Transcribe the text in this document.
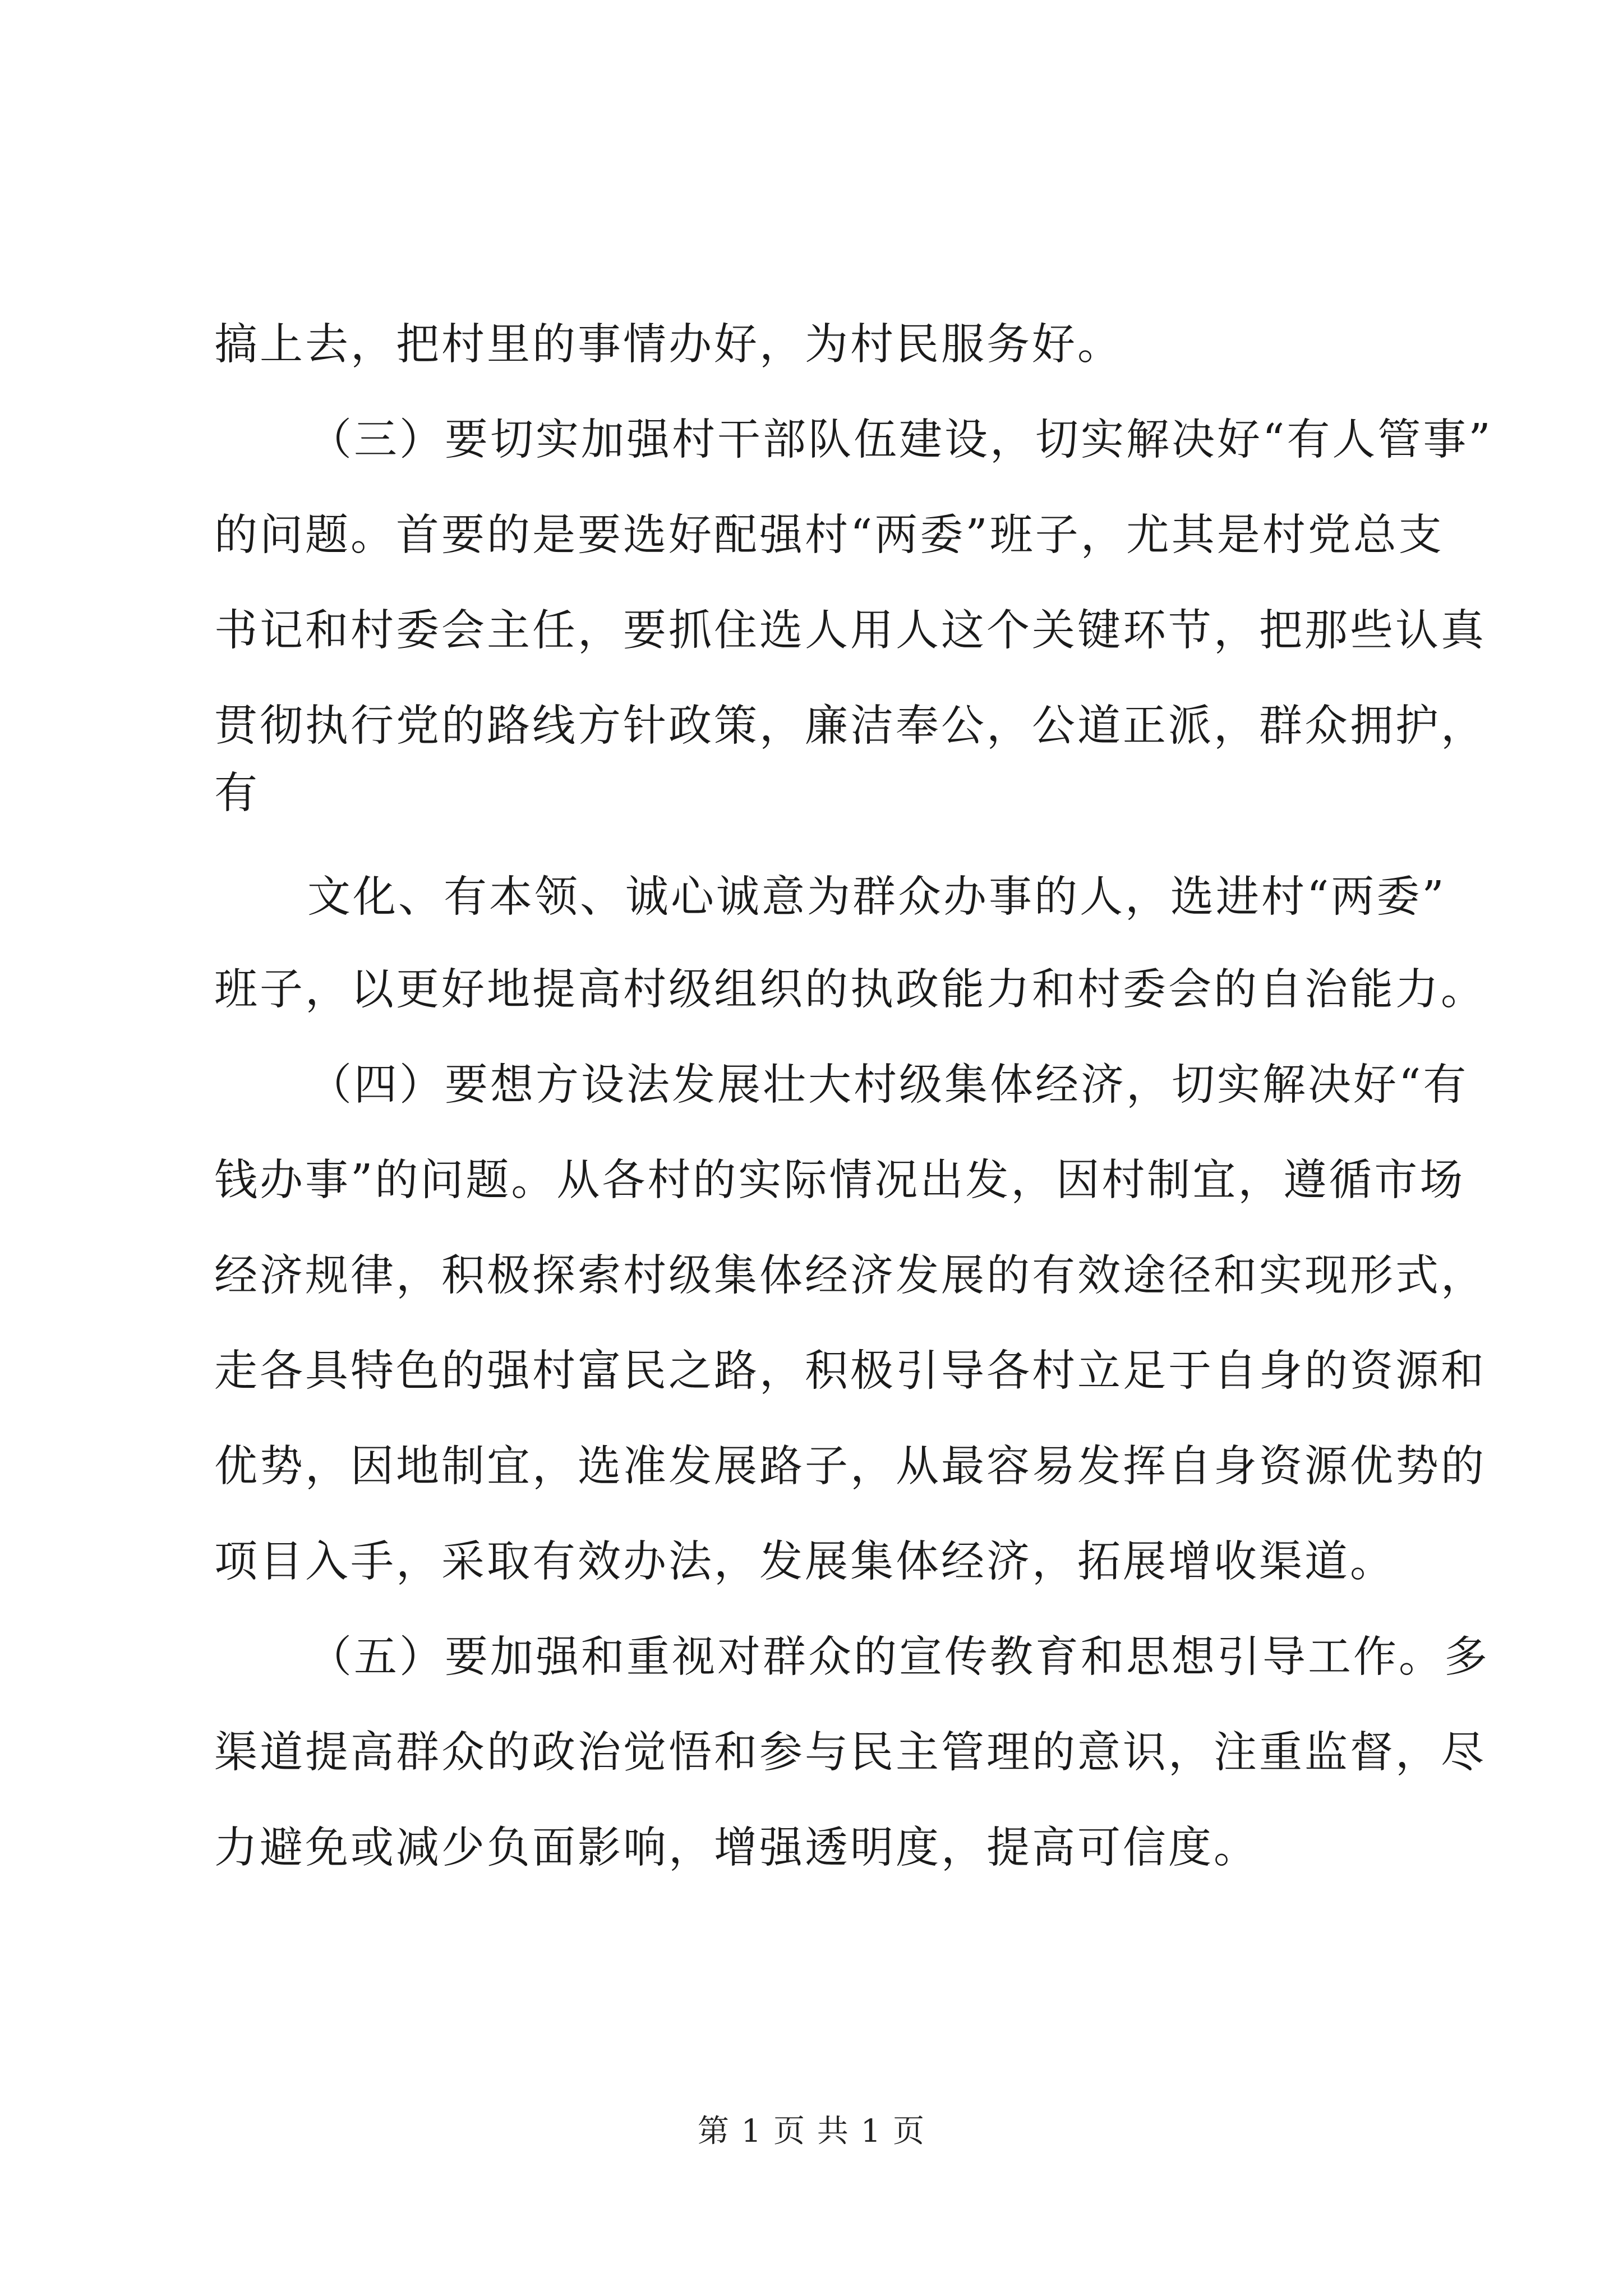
搞上去，把村里的事情办好，为村民服务好。
（三）要切实加强村干部队伍建设，切实解决好“有人管事”
的问题。首要的是要选好配强村“两委”班子，尤其是村党总支
书记和村委会主任，要抓住选人用人这个关键环节，把那些认真
贯彻执行党的路线方针政策，廉洁奉公，公道正派，群众拥护，
有
文化、有本领、诚心诚意为群众办事的人，选进村“两委”
班子，以更好地提高村级组织的执政能力和村委会的自治能力。
（四）要想方设法发展壮大村级集体经济，切实解决好“有
钱办事”的问题。从各村的实际情况出发，因村制宜，遵循市场
经济规律，积极探索村级集体经济发展的有效途径和实现形式，
走各具特色的强村富民之路，积极引导各村立足于自身的资源和
优势，因地制宜，选准发展路子，从最容易发挥自身资源优势的
项目入手，采取有效办法，发展集体经济，拓展增收渠道。
（五）要加强和重视对群众的宣传教育和思想引导工作。多
渠道提高群众的政治觉悟和参与民主管理的意识，注重监督，尽
力避免或减少负面影响，增强透明度，提高可信度。
第 1 页 共 1 页
